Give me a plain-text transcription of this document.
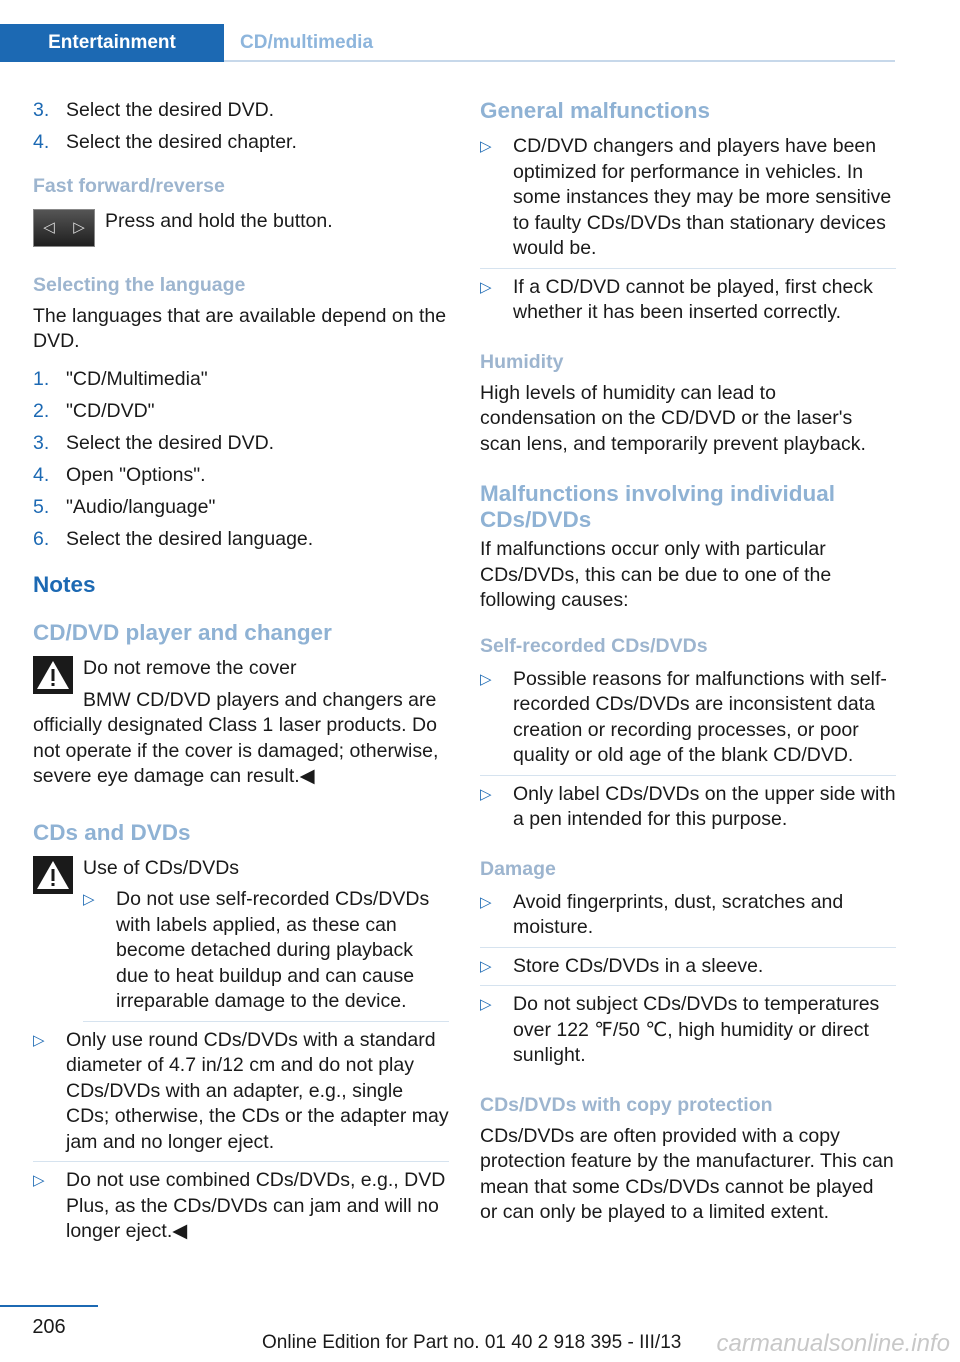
Entertainment	CD/multimedia
3. Select the desired DVD.
4. Select the desired chapter.
Fast forward/reverse
◁ ▷	Press and hold the button.

Selecting the language

The languages that are available depend on the DVD.

1. "CD/Multimedia"
2. "CD/DVD"
3. Select the desired DVD.
4. Open "Options".
5. "Audio/language"
6. Select the desired language.
Notes
CD/DVD player and changer

Do not remove the cover

BMW CD/DVD players and changers are officially designated Class 1 laser products. Do not operate if the cover is damaged; otherwise, severe eye damage can result.◀

CDs and DVDs

Use of CDs/DVDs

▷	Do not use self-recorded CDs/DVDs with labels applied, as these can become detached during playback due to heat buildup and can cause irreparable damage to the device.
▷	Only use round CDs/DVDs with a standard diameter of 4.7 in/12 cm and do not play CDs/DVDs with an adapter, e.g., single CDs; otherwise, the CDs or the adapter may jam and no longer eject.
▷	Do not use combined CDs/DVDs, e.g., DVD Plus, as the CDs/DVDs can jam and will no longer eject.◀
General malfunctions
▷	CD/DVD changers and players have been optimized for performance in vehicles. In some instances they may be more sensitive to faulty CDs/DVDs than stationary devices would be.
▷	If a CD/DVD cannot be played, first check whether it has been inserted correctly.
Humidity

High levels of humidity can lead to condensation on the CD/DVD or the laser's scan lens, and temporarily prevent playback.

Malfunctions involving individual CDs/DVDs

If malfunctions occur only with particular CDs/DVDs, this can be due to one of the following causes:

Self-recorded CDs/DVDs
▷	Possible reasons for malfunctions with self-recorded CDs/DVDs are inconsistent data creation or recording processes, or poor quality or old age of the blank CD/DVD.
▷	Only label CDs/DVDs on the upper side with a pen intended for this purpose.
Damage
▷	Avoid fingerprints, dust, scratches and moisture.
▷	Store CDs/DVDs in a sleeve.
▷	Do not subject CDs/DVDs to temperatures over 122 ℉/50 ℃, high humidity or direct sunlight.
CDs/DVDs with copy protection

CDs/DVDs are often provided with a copy protection feature by the manufacturer. This can mean that some CDs/DVDs cannot be played or can only be played to a limited extent.

206
Online Edition for Part no. 01 40 2 918 395 - III/13 carmanualsonline.info
